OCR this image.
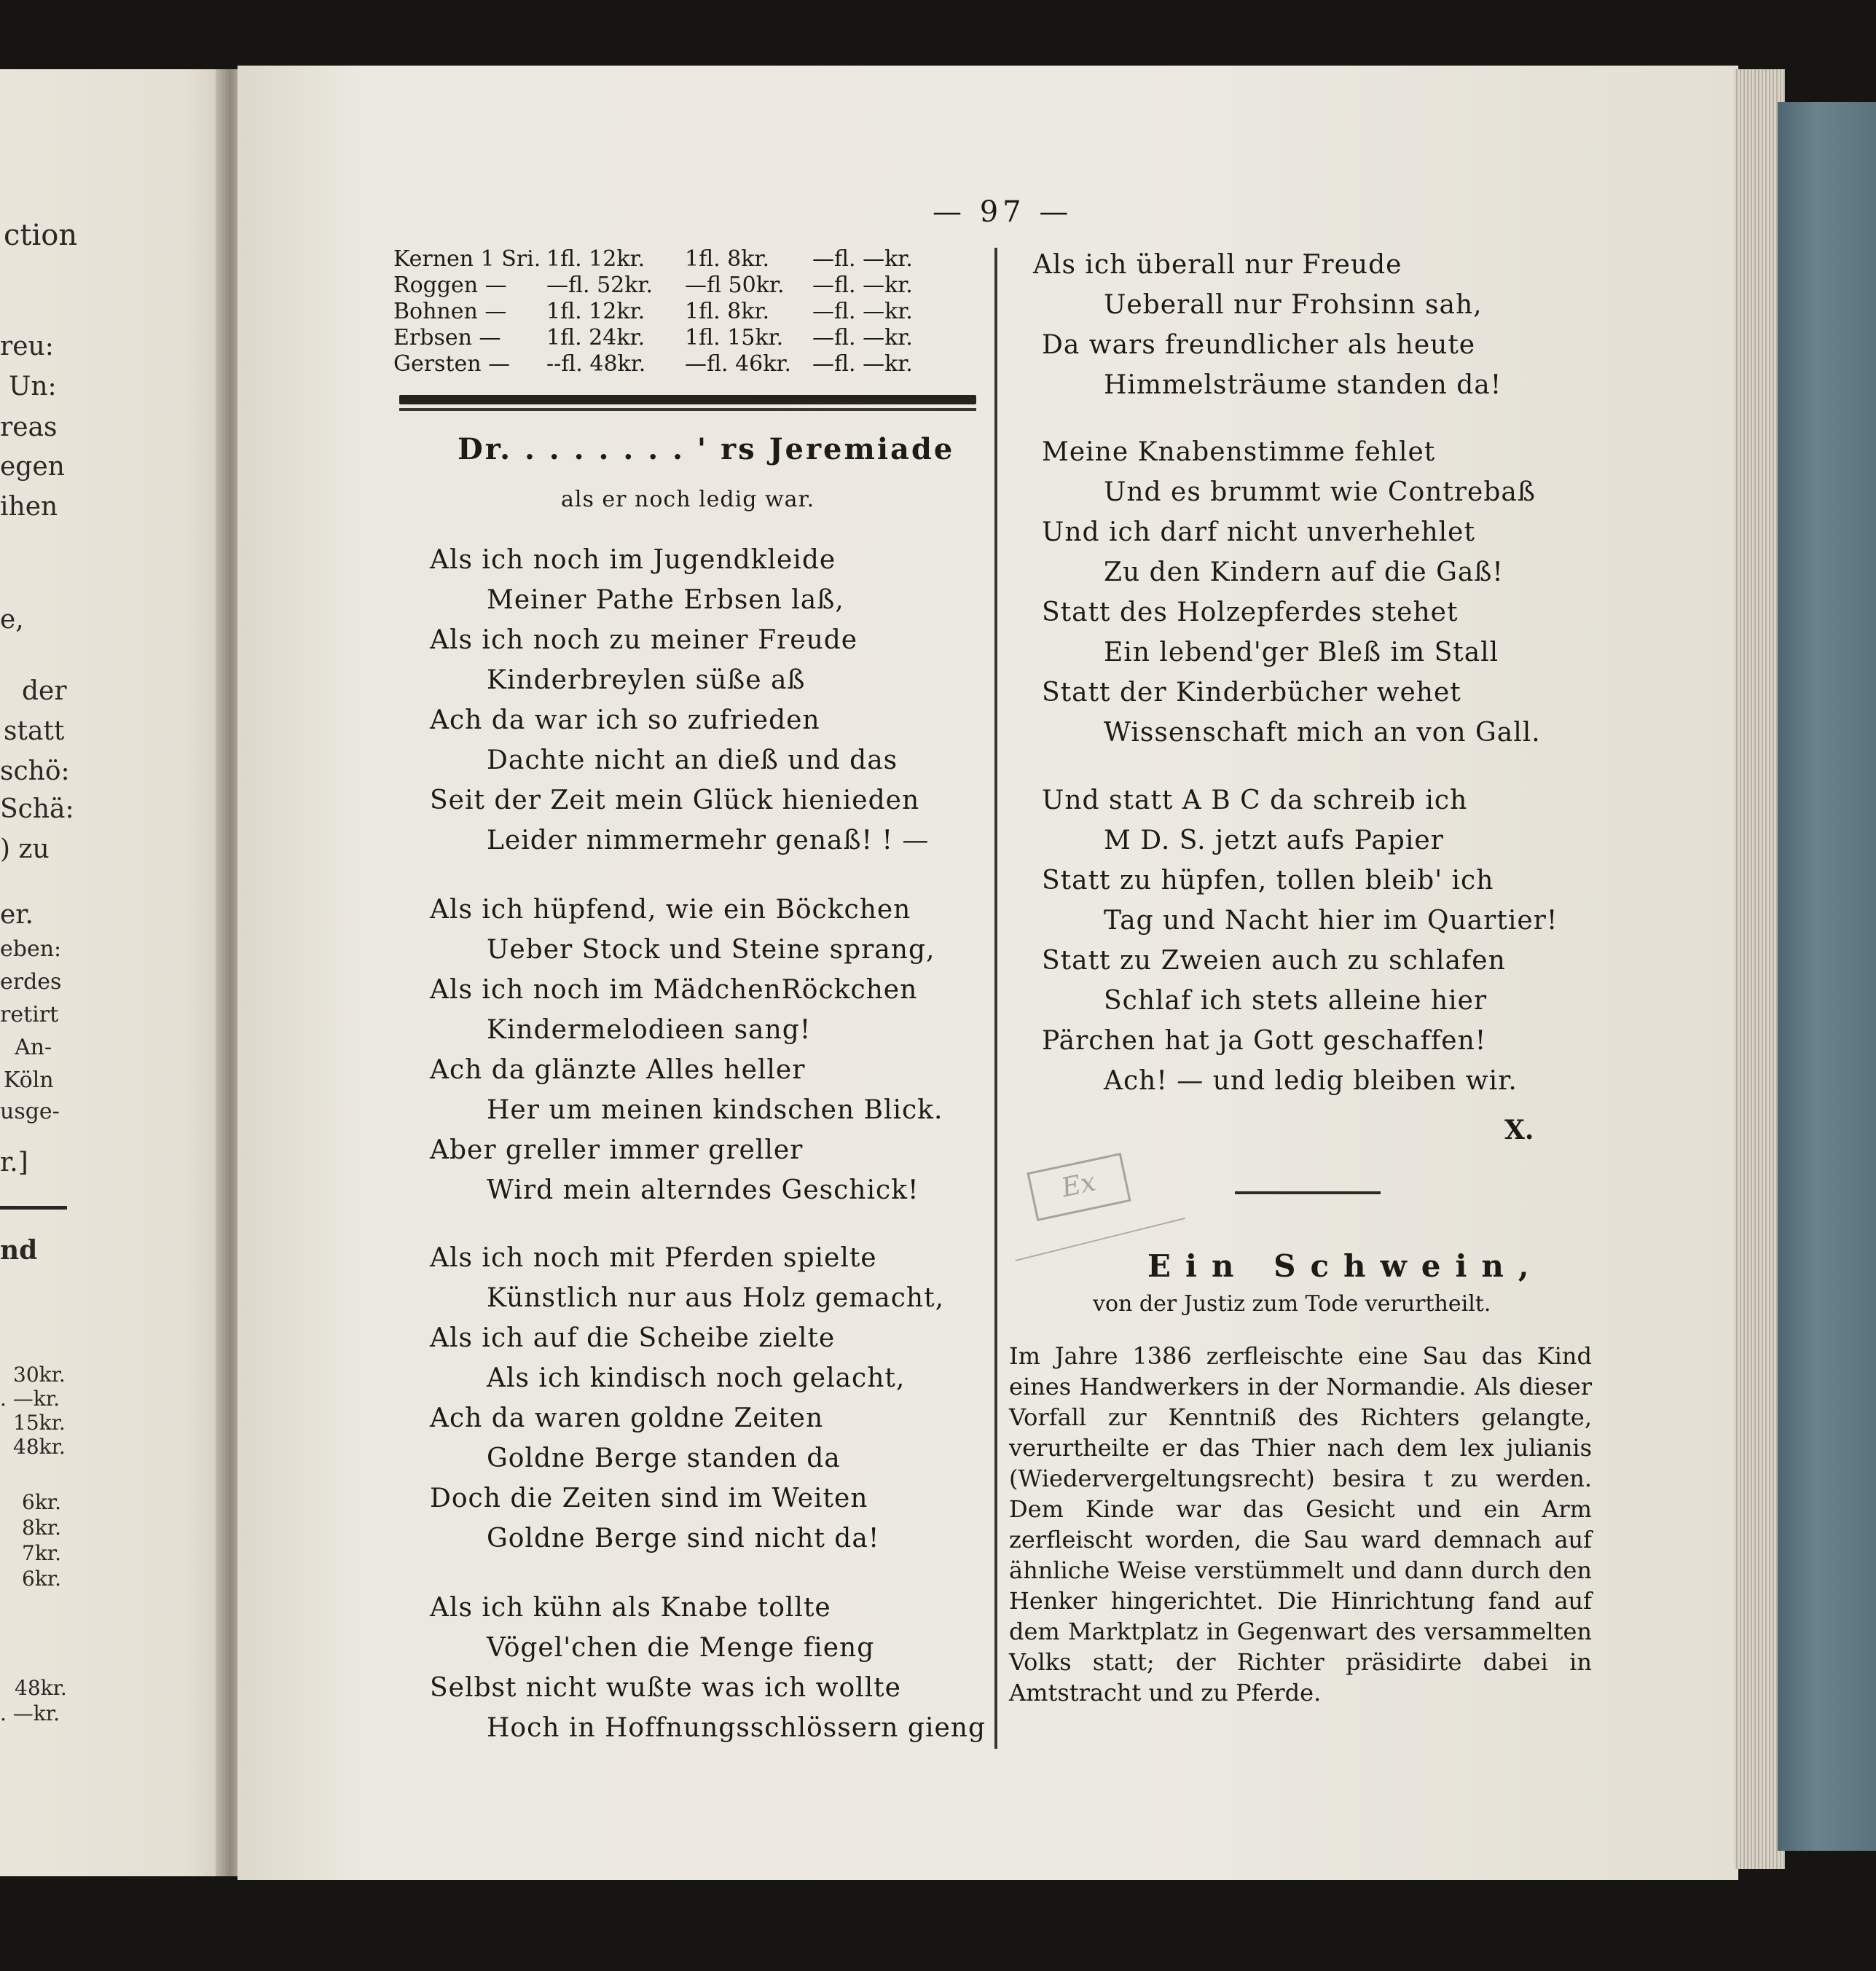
ction
reu:
Un:
reas
egen
ihen
e,
der
statt
schö:
Schä:
) zu
er.
eben:
erdes
retirt
An-
Köln
usge-
r.]
nd
30kr.
. —kr.
15kr.
48kr.
6kr.
8kr.
7kr.
6kr.
48kr.
. —kr.
— 97 —
Kernen 1 Sri. 1fl. 12kr.	1fl. 8kr.	—fl. —kr.
Roggen —	—fl. 52kr.	—fl 50kr.	—fl. —kr.
Bohnen —	1fl. 12kr.	1fl. 8kr.	—fl. —kr.
Erbsen —	1fl. 24kr.	1fl. 15kr.	—fl. —kr.
Gersten —	--fl. 48kr.	—fl. 46kr. —fl. —kr.
Dr. . . . . . . . ' rs Jeremiade
als er noch ledig war.
Als ich noch im Jugendkleide
Meiner Pathe Erbsen laß,
Als ich noch zu meiner Freude
Kinderbreylen süße aß
Ach da war ich so zufrieden
Dachte nicht an dieß und das
Seit der Zeit mein Glück hienieden
Leider nimmermehr genaß! ! —
Als ich hüpfend, wie ein Böckchen
Ueber Stock und Steine sprang,
Als ich noch im MädchenRöckchen
Kindermelodieen sang!
Ach da glänzte Alles heller
Her um meinen kindschen Blick.
Aber greller immer greller
Wird mein alterndes Geschick!
Als ich noch mit Pferden spielte
Künstlich nur aus Holz gemacht,
Als ich auf die Scheibe zielte
Als ich kindisch noch gelacht,
Ach da waren goldne Zeiten
Goldne Berge standen da
Doch die Zeiten sind im Weiten
Goldne Berge sind nicht da!
Als ich kühn als Knabe tollte
Vögel'chen die Menge fieng
Selbst nicht wußte was ich wollte
Hoch in Hoffnungsschlössern gieng
Als ich überall nur Freude
Ueberall nur Frohsinn sah,
Da wars freundlicher als heute
Himmelsträume standen da!
Meine Knabenstimme fehlet
Und es brummt wie Contrebaß
Und ich darf nicht unverhehlet
Zu den Kindern auf die Gaß!
Statt des Holzepferdes stehet
Ein lebend'ger Bleß im Stall
Statt der Kinderbücher wehet
Wissenschaft mich an von Gall.
Und statt A B C da schreib ich
M D. S. jetzt aufs Papier
Statt zu hüpfen, tollen bleib' ich
Tag und Nacht hier im Quartier!
Statt zu Zweien auch zu schlafen
Schlaf ich stets alleine hier
Pärchen hat ja Gott geschaffen!
Ach! — und ledig bleiben wir.
X.
Ex
Ein Schwein,
von der Justiz zum Tode verurtheilt.
Im Jahre 1386 zerfleischte eine Sau das Kind eines Handwerkers in der Normandie. Als dieser Vorfall zur Kenntniß des Richters gelangte, verurtheilte er das Thier nach dem lex julianis (Wiedervergeltungsrecht) besira t zu werden. Dem Kinde war das Gesicht und ein Arm zerfleischt worden, die Sau ward demnach auf ähnliche Weise verstümmelt und dann durch den Henker hingerichtet. Die Hinrichtung fand auf dem Marktplatz in Gegenwart des versammelten Volks statt; der Richter präsidirte dabei in Amtstracht und zu Pferde.
